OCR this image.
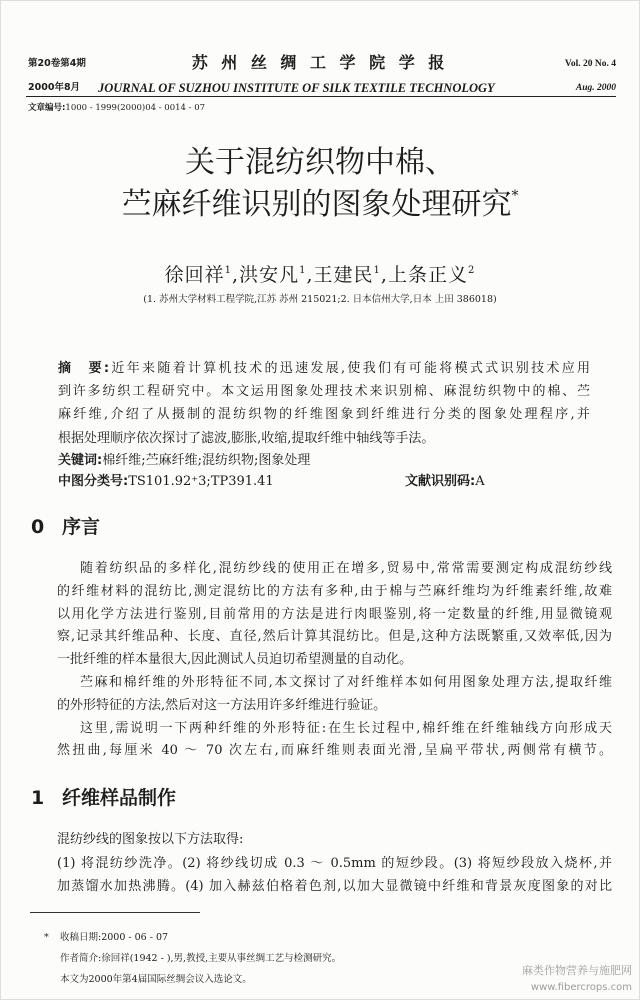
第20卷第4期	苏 州 丝 绸 工 学 院 学 报	Vol. 20 No. 4
2000年8月 JOURNAL OF SUZHOU INSTITUTE OF SILK TEXTILE TECHNOLOGY	Aug. 2000
文章编号:1000 - 1999(2000)04 - 0014 - 07
关于混纺织物中棉、
苎麻纤维识别的图象处理研究*
徐回祥$^1$,洪安凡$^1$,王建民$^1$,上条正义$^2$
(1. 苏州大学材料工程学院,江苏 苏州 215021;2. 日本信州大学,日本 上田 386018)
摘　要:近年来随着计算机技术的迅速发展,使我们有可能将模式式识别技术应用
到许多纺织工程研究中。本文运用图象处理技术来识别棉、麻混纺织物中的棉、苎
麻纤维,介绍了从摄制的混纺织物的纤维图象到纤维进行分类的图象处理程序,并
根据处理顺序依次探讨了滤波,膨胀,收缩,提取纤维中轴线等手法。
关键词:棉纤维;苎麻纤维;混纺织物;图象处理
中图分类号:TS101.92⁺3;TP391.41	文献识别码:A
0 序言
随着纺织品的多样化,混纺纱线的使用正在增多,贸易中,常常需要测定构成混纺纱线
的纤维材料的混纺比,测定混纺比的方法有多种,由于棉与苎麻纤维均为纤维素纤维,故难
以用化学方法进行鉴别,目前常用的方法是进行肉眼鉴别,将一定数量的纤维,用显微镜观
察,记录其纤维品种、长度、直径,然后计算其混纺比。但是,这种方法既繁重,又效率低,因为
一批纤维的样本量很大,因此测试人员迫切希望测量的自动化。
苎麻和棉纤维的外形特征不同,本文探讨了对纤维样本如何用图象处理方法,提取纤维
的外形特征的方法,然后对这一方法用许多纤维进行验证。
这里,需说明一下两种纤维的外形特征:在生长过程中,棉纤维在纤维轴线方向形成天
然扭曲,每厘米 40 ～ 70 次左右,而麻纤维则表面光滑,呈扁平带状,两侧常有横节。
1 纤维样品制作
混纺纱线的图象按以下方法取得:
(1) 将混纺纱洗净。(2) 将纱线切成 0.3 ～ 0.5mm 的短纱段。(3) 将短纱段放入烧杯,并
加蒸馏水加热沸腾。(4) 加入赫兹伯格着色剂,以加大显微镜中纤维和背景灰度图象的对比
* 收稿日期:2000 - 06 - 07
作者简介:徐回祥(1942 - ),男,教授,主要从事丝绸工艺与检测研究。
本文为2000年第4届国际丝绸会议入选论文。
麻类作物营养与施肥网
www.fibercrops.com
